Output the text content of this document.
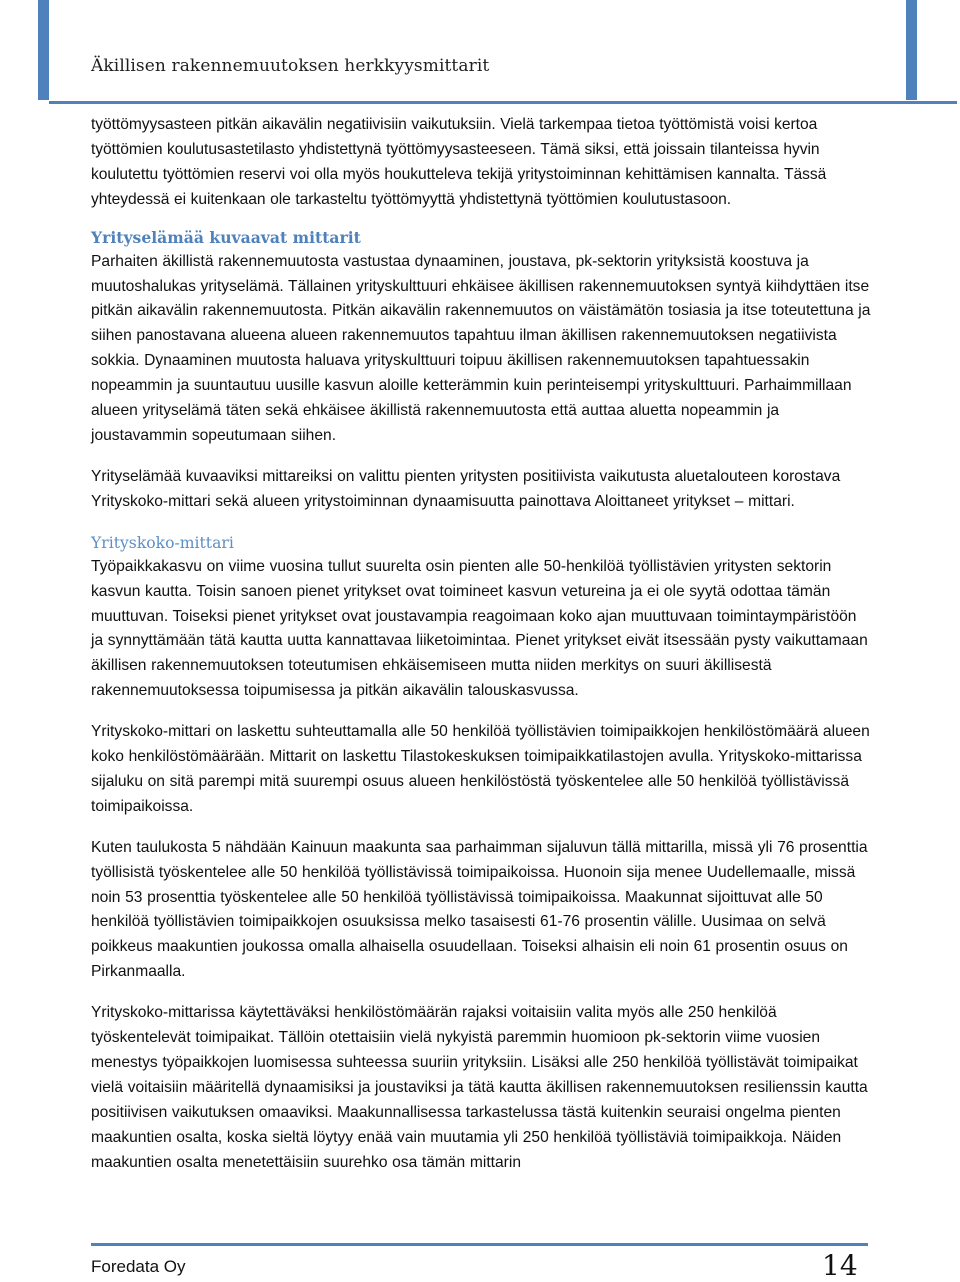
Äkillisen rakennemuutoksen herkkyysmittarit

työttömyysasteen pitkän aikavälin negatiivisiin vaikutuksiin. Vielä tarkempaa tietoa työttömistä voisi kertoa työttömien koulutusastetilasto yhdistettynä työttömyysasteeseen. Tämä siksi, että joissain tilanteissa hyvin koulutettu työttömien reservi voi olla myös houkutteleva tekijä yritystoiminnan kehittämisen kannalta. Tässä yhteydessä ei kuitenkaan ole tarkasteltu työttömyyttä yhdistettynä työttömien koulutustasoon.

Yrityselämää kuvaavat mittarit

Parhaiten äkillistä rakennemuutosta vastustaa dynaaminen, joustava, pk-sektorin yrityksistä koostuva ja muutoshalukas yrityselämä. Tällainen yrityskulttuuri ehkäisee äkillisen rakennemuutoksen syntyä kiihdyttäen itse pitkän aikavälin rakennemuutosta. Pitkän aikavälin rakennemuutos on väistämätön tosiasia ja itse toteutettuna ja siihen panostavana alueena alueen rakennemuutos tapahtuu ilman äkillisen rakennemuutoksen negatiivista sokkia. Dynaaminen muutosta haluava yrityskulttuuri toipuu äkillisen rakennemuutoksen tapahtuessakin nopeammin ja suuntautuu uusille kasvun aloille ketterämmin kuin perinteisempi yrityskulttuuri. Parhaimmillaan alueen yrityselämä täten sekä ehkäisee äkillistä rakennemuutosta että auttaa aluetta nopeammin ja joustavammin sopeutumaan siihen.

Yrityselämää kuvaaviksi mittareiksi on valittu pienten yritysten positiivista vaikutusta aluetalouteen korostava Yrityskoko-mittari sekä alueen yritystoiminnan dynaamisuutta painottava Aloittaneet yritykset – mittari.

Yrityskoko-mittari

Työpaikkakasvu on viime vuosina tullut suurelta osin pienten alle 50-henkilöä työllistävien yritysten sektorin kasvun kautta. Toisin sanoen pienet yritykset ovat toimineet kasvun vetureina ja ei ole syytä odottaa tämän muuttuvan. Toiseksi pienet yritykset ovat joustavampia reagoimaan koko ajan muuttuvaan toimintaympäristöön ja synnyttämään tätä kautta uutta kannattavaa liiketoimintaa. Pienet yritykset eivät itsessään pysty vaikuttamaan äkillisen rakennemuutoksen toteutumisen ehkäisemiseen mutta niiden merkitys on suuri äkillisestä rakennemuutoksessa toipumisessa ja pitkän aikavälin talouskasvussa.

Yrityskoko-mittari on laskettu suhteuttamalla alle 50 henkilöä työllistävien toimipaikkojen henkilöstömäärä alueen koko henkilöstömäärään. Mittarit on laskettu Tilastokeskuksen toimipaikkatilastojen avulla. Yrityskoko-mittarissa sijaluku on sitä parempi mitä suurempi osuus alueen henkilöstöstä työskentelee alle 50 henkilöä työllistävissä toimipaikoissa.

Kuten taulukosta 5 nähdään Kainuun maakunta saa parhaimman sijaluvun tällä mittarilla, missä yli 76 prosenttia työllisistä työskentelee alle 50 henkilöä työllistävissä toimipaikoissa. Huonoin sija menee Uudellemaalle, missä noin 53 prosenttia työskentelee alle 50 henkilöä työllistävissä toimipaikoissa. Maakunnat sijoittuvat alle 50 henkilöä työllistävien toimipaikkojen osuuksissa melko tasaisesti 61-76 prosentin välille. Uusimaa on selvä poikkeus maakuntien joukossa omalla alhaisella osuudellaan. Toiseksi alhaisin eli noin 61 prosentin osuus on Pirkanmaalla.

Yrityskoko-mittarissa käytettäväksi henkilöstömäärän rajaksi voitaisiin valita myös alle 250 henkilöä työskentelevät toimipaikat. Tällöin otettaisiin vielä nykyistä paremmin huomioon pk-sektorin viime vuosien menestys työpaikkojen luomisessa suhteessa suuriin yrityksiin. Lisäksi alle 250 henkilöä työllistävät toimipaikat vielä voitaisiin määritellä dynaamisiksi ja joustaviksi ja tätä kautta äkillisen rakennemuutoksen resilienssin kautta positiivisen vaikutuksen omaaviksi. Maakunnallisessa tarkastelussa tästä kuitenkin seuraisi ongelma pienten maakuntien osalta, koska sieltä löytyy enää vain muutamia yli 250 henkilöä työllistäviä toimipaikkoja. Näiden maakuntien osalta menetettäisiin suurehko osa tämän mittarin

Foredata Oy	14
